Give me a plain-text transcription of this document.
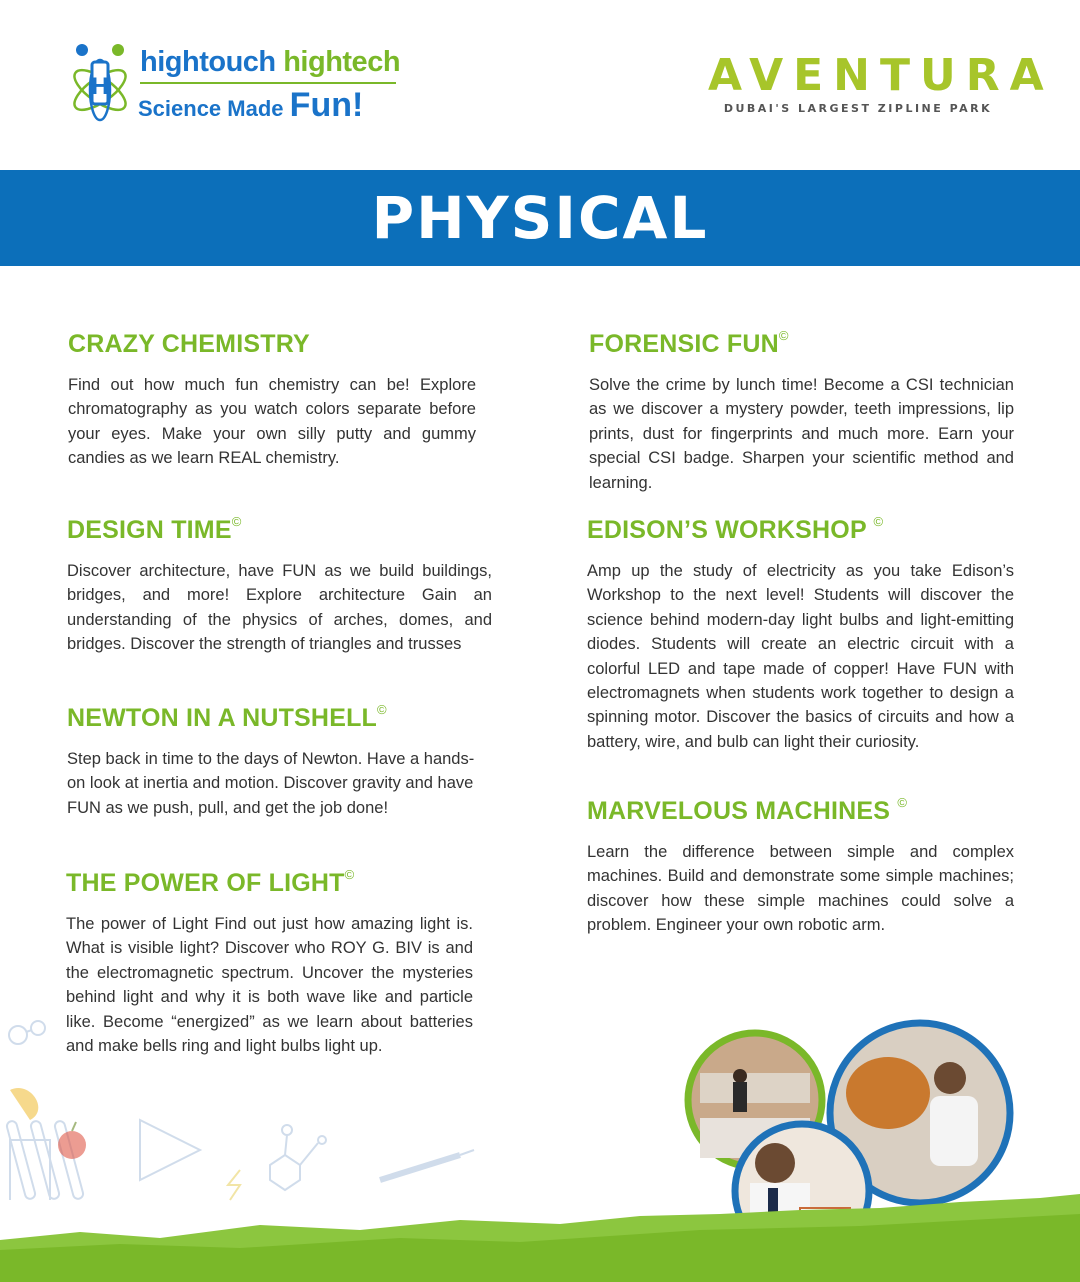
H
hightouch hightech
Science Made Fun!
AVENTURA
DUBAI'S LARGEST ZIPLINE PARK
PHYSICAL
CRAZY CHEMISTRY

Find out how much fun chemistry can be! Explore chromatography as you watch colors separate before your eyes. Make your own silly putty and gummy candies as we learn REAL chemistry.

DESIGN TIME©

Discover architecture, have FUN as we build buildings, bridges, and more! Explore architecture Gain an understanding of the physics of arches, domes, and bridges. Discover the strength of triangles and trusses

NEWTON IN A NUTSHELL©

Step back in time to the days of Newton. Have a hands-on look at inertia and motion. Discover gravity and have FUN as we push, pull, and get the job done!

THE POWER OF LIGHT©

The power of Light Find out just how amazing light is. What is visible light? Discover who ROY G. BIV is and the electromagnetic spectrum. Uncover the mysteries behind light and why it is both wave like and particle like. Become “energized” as we learn about batteries and make bells ring and light bulbs light up.

FORENSIC FUN©

Solve the crime by lunch time! Become a CSI technician as we discover a mystery powder, teeth impressions, lip prints, dust for fingerprints and much more. Earn your special CSI badge. Sharpen your scientific method and learning.

EDISON’S WORKSHOP ©

Amp up the study of electricity as you take Edison’s Workshop to the next level! Students will discover the science behind modern-day light bulbs and light-emitting diodes. Students will create an electric circuit with a colorful LED and tape made of copper! Have FUN with electromagnets when students work together to design a spinning motor. Discover the basics of circuits and how a battery, wire, and bulb can light their curiosity.

MARVELOUS MACHINES ©

Learn the difference between simple and complex machines. Build and demonstrate some simple machines; discover how these simple machines could solve a problem. Engineer your own robotic arm.
